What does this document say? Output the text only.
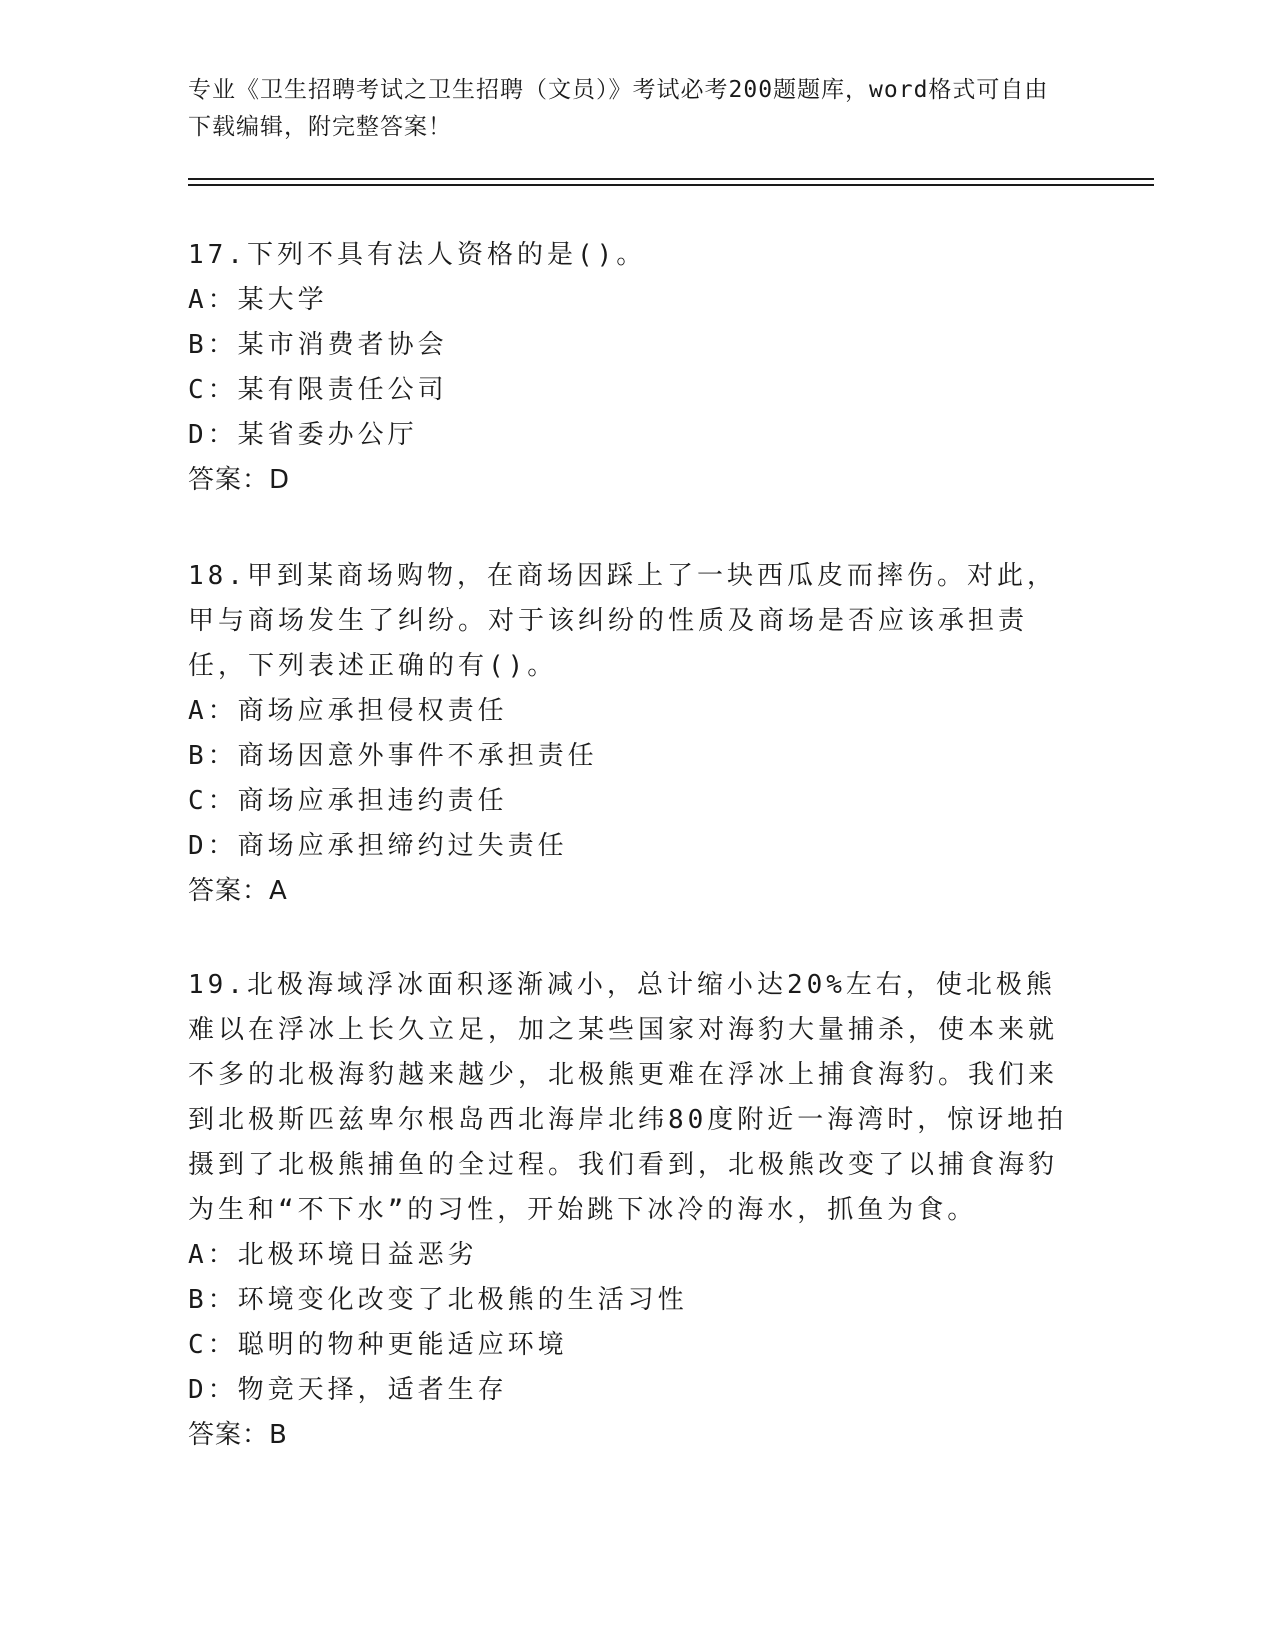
专业《卫生招聘考试之卫生招聘（文员）》考试必考200题题库，word格式可自由下载编辑，附完整答案！

17.下列不具有法人资格的是()。

A：某大学

B：某市消费者协会

C：某有限责任公司

D：某省委办公厅

答案：D

18.甲到某商场购物，在商场因踩上了一块西瓜皮而摔伤。对此，甲与商场发生了纠纷。对于该纠纷的性质及商场是否应该承担责任，下列表述正确的有()。

A：商场应承担侵权责任

B：商场因意外事件不承担责任

C：商场应承担违约责任

D：商场应承担缔约过失责任

答案：A

19.北极海域浮冰面积逐渐减小，总计缩小达20%左右，使北极熊难以在浮冰上长久立足，加之某些国家对海豹大量捕杀，使本来就不多的北极海豹越来越少，北极熊更难在浮冰上捕食海豹。我们来到北极斯匹兹卑尔根岛西北海岸北纬80度附近一海湾时，惊讶地拍摄到了北极熊捕鱼的全过程。我们看到，北极熊改变了以捕食海豹为生和“不下水”的习性，开始跳下冰冷的海水，抓鱼为食。

A：北极环境日益恶劣

B：环境变化改变了北极熊的生活习性

C：聪明的物种更能适应环境

D：物竞天择，适者生存

答案：B
